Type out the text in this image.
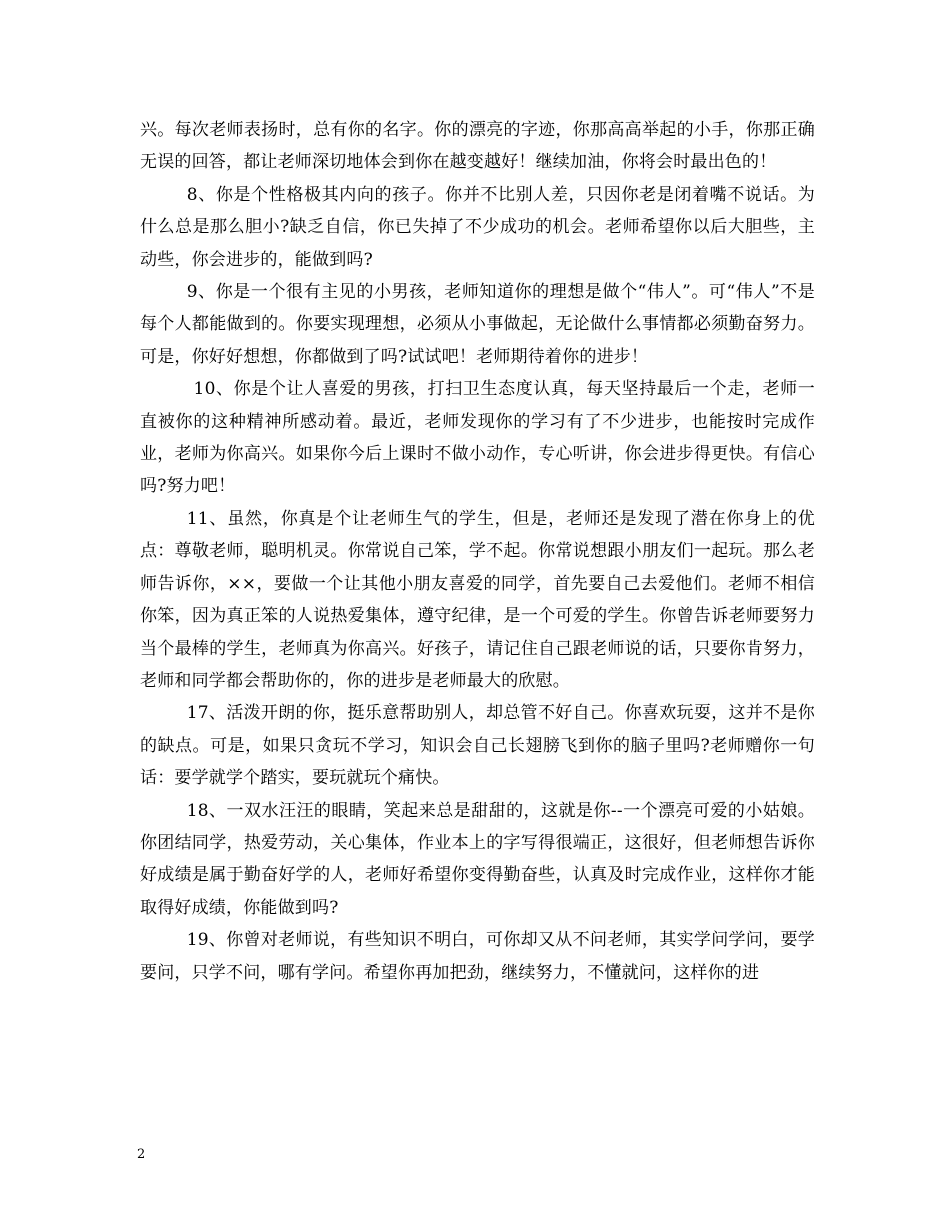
兴。每次老师表扬时，总有你的名字。你的漂亮的字迹，你那高高举起的小手，你那正确无误的回答，都让老师深切地体会到你在越变越好！继续加油，你将会时最出色的！

8、你是个性格极其内向的孩子。你并不比别人差，只因你老是闭着嘴不说话。为什么总是那么胆小?缺乏自信，你已失掉了不少成功的机会。老师希望你以后大胆些，主动些，你会进步的，能做到吗?

9、你是一个很有主见的小男孩，老师知道你的理想是做个“伟人”。可“伟人”不是每个人都能做到的。你要实现理想，必须从小事做起，无论做什么事情都必须勤奋努力。可是，你好好想想，你都做到了吗?试试吧！老师期待着你的进步！

10、你是个让人喜爱的男孩，打扫卫生态度认真，每天坚持最后一个走，老师一直被你的这种精神所感动着。最近，老师发现你的学习有了不少进步，也能按时完成作业，老师为你高兴。如果你今后上课时不做小动作，专心听讲，你会进步得更快。有信心吗?努力吧！

11、虽然，你真是个让老师生气的学生，但是，老师还是发现了潜在你身上的优点：尊敬老师，聪明机灵。你常说自己笨，学不起。你常说想跟小朋友们一起玩。那么老师告诉你，××，要做一个让其他小朋友喜爱的同学，首先要自己去爱他们。老师不相信你笨，因为真正笨的人说热爱集体，遵守纪律，是一个可爱的学生。你曾告诉老师要努力当个最棒的学生，老师真为你高兴。好孩子，请记住自己跟老师说的话，只要你肯努力，老师和同学都会帮助你的，你的进步是老师最大的欣慰。

17、活泼开朗的你，挺乐意帮助别人，却总管不好自己。你喜欢玩耍，这并不是你的缺点。可是，如果只贪玩不学习，知识会自己长翅膀飞到你的脑子里吗?老师赠你一句话：要学就学个踏实，要玩就玩个痛快。

18、一双水汪汪的眼睛，笑起来总是甜甜的，这就是你--一个漂亮可爱的小姑娘。你团结同学，热爱劳动，关心集体，作业本上的字写得很端正，这很好，但老师想告诉你好成绩是属于勤奋好学的人，老师好希望你变得勤奋些，认真及时完成作业，这样你才能取得好成绩，你能做到吗?

19、你曾对老师说，有些知识不明白，可你却又从不问老师，其实学问学问，要学要问，只学不问，哪有学问。希望你再加把劲，继续努力，不懂就问，这样你的进

2
